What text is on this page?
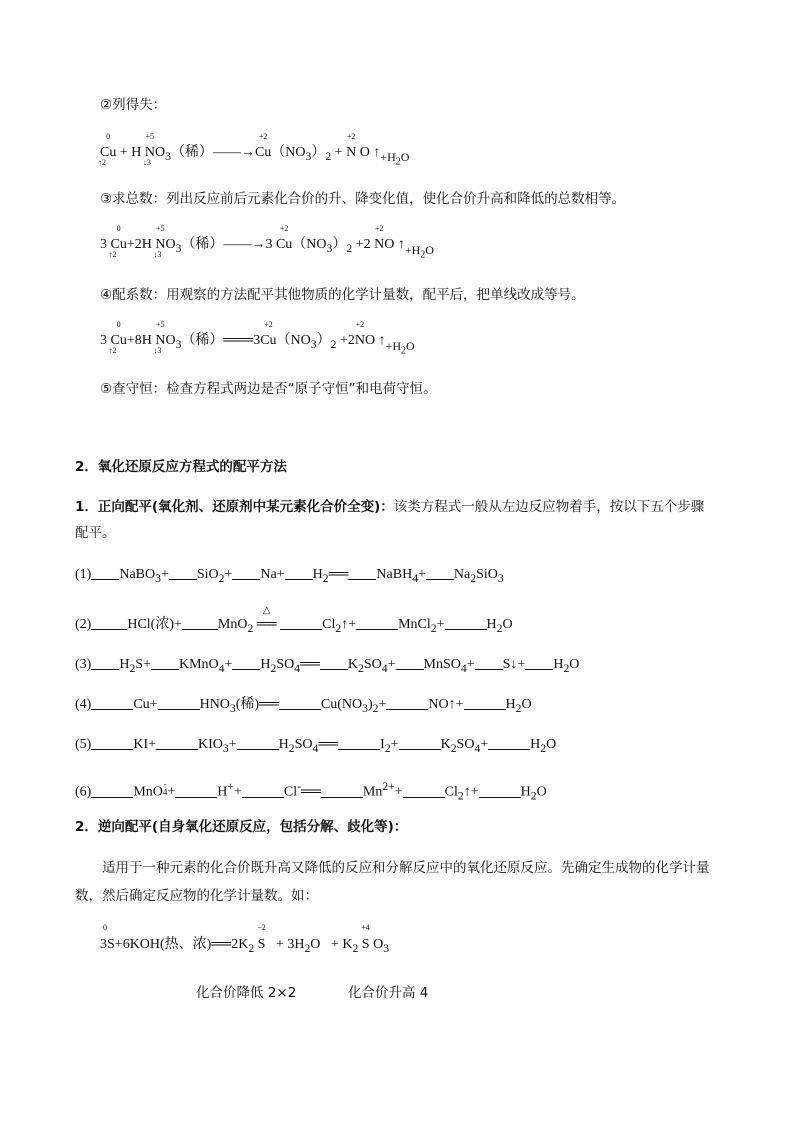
②列得失：
Cu
0
↑2
+ H N
+5
↓3
$O_3$（稀）——→Cu
+2
$(NO_3)_2 + N$
+2
O $↑+H_2O$
③求总数：列出反应前后元素化合价的升、降变化值，使化合价升高和降低的总数相等。
3 Cu
0
↑2
+2H N
+5
↓3
$O_3$（稀）——→3 Cu
+2
$(NO_3)_2 +2$ N
+2
O $↑+H_2O$
④配系数：用观察的方法配平其他物质的化学计量数，配平后，把单线改成等号。
3 Cu
0
↑2
+8H N
+5
↓3
$O_3$（稀）═══3Cu
+2
$(NO_3)_2 +2N$
+2
O $↑+H_2O$
⑤查守恒：检查方程式两边是否“原子守恒”和电荷守恒。
2．氧化还原反应方程式的配平方法
1．正向配平(氧化剂、还原剂中某元素化合价全变)：该类方程式一般从左边反应物着手，按以下五个步骤
配平。
(1) NaBO$_3$+ $SiO_2+ Na+ H_2══$ NaBH$_4$+ $Na_2SiO_3$
(2)	HCl(浓)+	MnO$_2$ ══
△
$Cl_2↑+$	MnCl$_2$+	$H_2O$
(3) $H_2S+$ KMnO$_4$+ $H_2SO_4══$ $K_2SO_4+$ MnSO$_4$+ S↓+ $H_2O$
(4)	Cu+	$HNO_3$(稀)══	$Cu(NO_3)_2+$	NO↑+	$H_2O$
(5)	KI+	$KIO_3+$	$H_2SO_4══$	$I_2+$	$K_2SO_4+$	$H_2O$
(6)	MnO
-
4 +	H++	Cl-══	$Mn^{2+}+$	$Cl_2↑+$	$H_2O$
2．逆向配平(自身氧化还原反应，包括分解、歧化等)：
适用于一种元素的化合价既升高又降低的反应和分解反应中的氧化还原反应。先确定生成物的化学计量数，然后确定反应物的化学计量数。如：
3S
0
+6KOH(热、浓)$══2K_2$ S
−2
+ $3H_2O + K_2$ S
+4
$O_3$
化合价降低 2×2	化合价升高 4
